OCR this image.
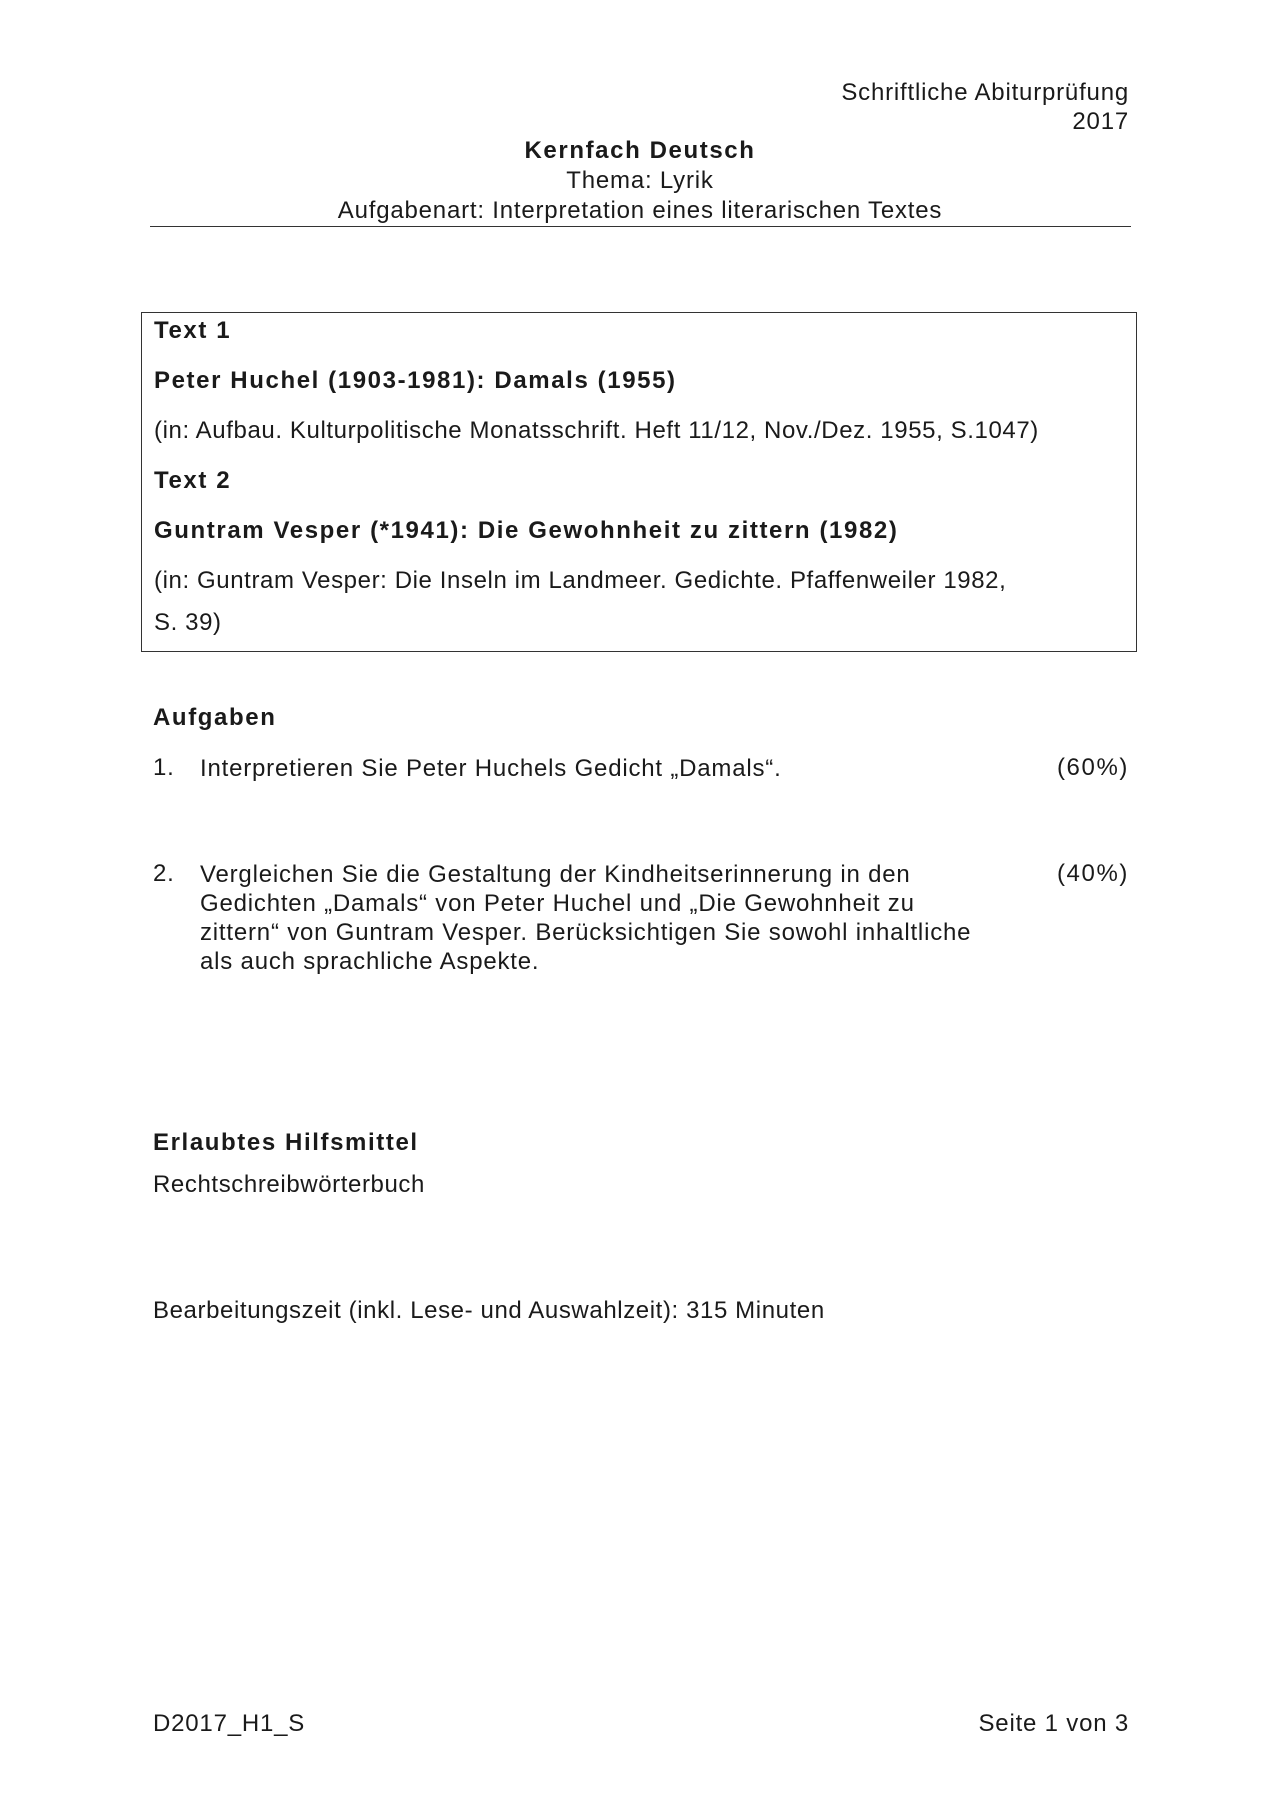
Schriftliche Abiturprüfung
2017
Kernfach Deutsch
Thema: Lyrik
Aufgabenart: Interpretation eines literarischen Textes
Text 1
Peter Huchel (1903-1981): Damals (1955)
(in: Aufbau. Kulturpolitische Monatsschrift. Heft 11/12, Nov./Dez. 1955, S.1047)
Text 2
Guntram Vesper (*1941): Die Gewohnheit zu zittern (1982)
(in: Guntram Vesper: Die Inseln im Landmeer. Gedichte. Pfaffenweiler 1982,
S. 39)
Aufgaben
1. Interpretieren Sie Peter Huchels Gedicht „Damals“.	(60%)
2. Vergleichen Sie die Gestaltung der Kindheitserinnerung in den
Gedichten „Damals“ von Peter Huchel und „Die Gewohnheit zu
zittern“ von Guntram Vesper. Berücksichtigen Sie sowohl inhaltliche
als auch sprachliche Aspekte.
(40%)
Erlaubtes Hilfsmittel
Rechtschreibwörterbuch
Bearbeitungszeit (inkl. Lese- und Auswahlzeit): 315 Minuten
D2017_H1_S	Seite 1 von 3
